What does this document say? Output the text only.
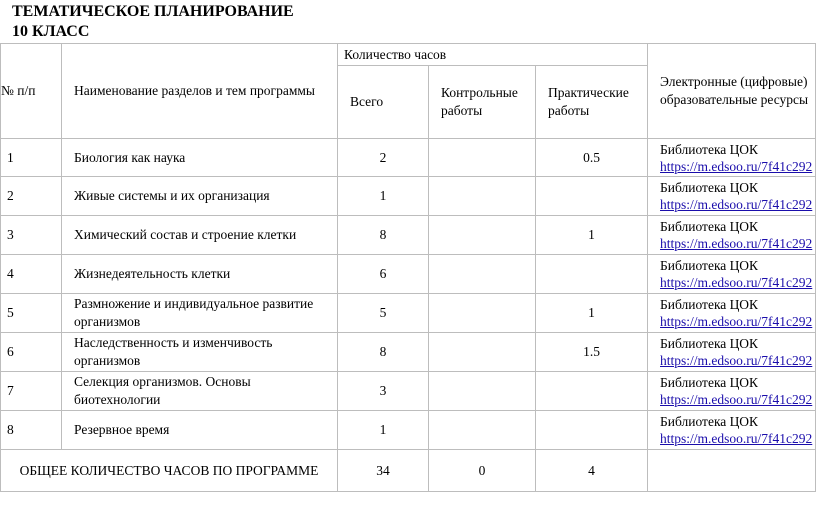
ТЕМАТИЧЕСКОЕ ПЛАНИРОВАНИЕ
10 КЛАСС
№ п/п	Наименование разделов и тем программы	Количество часов			Электронные (цифровые) образовательные ресурсы
		Всего	Контрольные работы	Практические работы	
1	Биология как наука	2		0.5	Библиотека ЦОК
https://m.edsoo.ru/7f41c292

2	Живые системы и их организация	1			Библиотека ЦОК
https://m.edsoo.ru/7f41c292

3	Химический состав и строение клетки	8		1	Библиотека ЦОК
https://m.edsoo.ru/7f41c292

4	Жизнедеятельность клетки	6			Библиотека ЦОК
https://m.edsoo.ru/7f41c292

5	Размножение и индивидуальное развитие организмов	5		1	Библиотека ЦОК
https://m.edsoo.ru/7f41c292

6	Наследственность и изменчивость организмов	8		1.5	Библиотека ЦОК
https://m.edsoo.ru/7f41c292

7	Селекция организмов. Основы биотехнологии	3			Библиотека ЦОК
https://m.edsoo.ru/7f41c292

8	Резервное время	1			Библиотека ЦОК
https://m.edsoo.ru/7f41c292

ОБЩЕЕ КОЛИЧЕСТВО ЧАСОВ ПО ПРОГРАММЕ		34	0	4	
